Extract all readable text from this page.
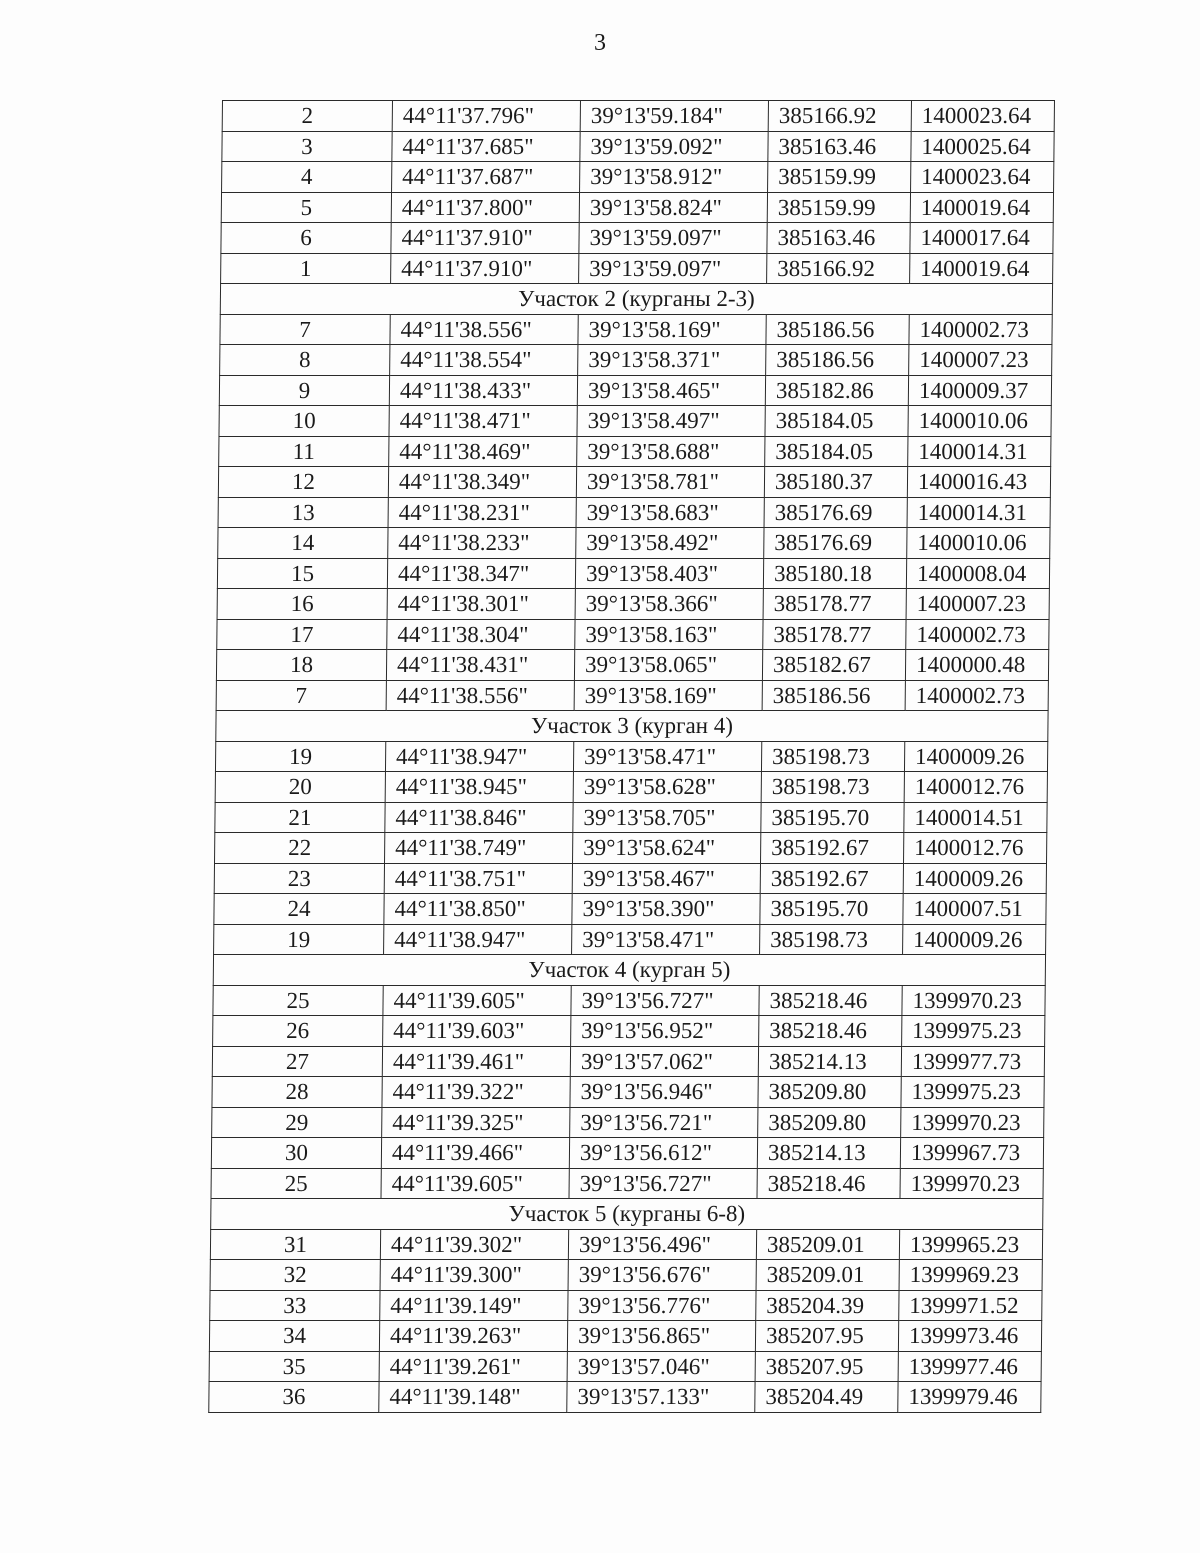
3
2	44°11'37.796"	39°13'59.184"	385166.92	1400023.64
3	44°11'37.685"	39°13'59.092"	385163.46	1400025.64
4	44°11'37.687"	39°13'58.912"	385159.99	1400023.64
5	44°11'37.800"	39°13'58.824"	385159.99	1400019.64
6	44°11'37.910"	39°13'59.097"	385163.46	1400017.64
1	44°11'37.910"	39°13'59.097"	385166.92	1400019.64
Участок 2 (курганы 2-3)				
7	44°11'38.556"	39°13'58.169"	385186.56	1400002.73
8	44°11'38.554"	39°13'58.371"	385186.56	1400007.23
9	44°11'38.433"	39°13'58.465"	385182.86	1400009.37
10	44°11'38.471"	39°13'58.497"	385184.05	1400010.06
11	44°11'38.469"	39°13'58.688"	385184.05	1400014.31
12	44°11'38.349"	39°13'58.781"	385180.37	1400016.43
13	44°11'38.231"	39°13'58.683"	385176.69	1400014.31
14	44°11'38.233"	39°13'58.492"	385176.69	1400010.06
15	44°11'38.347"	39°13'58.403"	385180.18	1400008.04
16	44°11'38.301"	39°13'58.366"	385178.77	1400007.23
17	44°11'38.304"	39°13'58.163"	385178.77	1400002.73
18	44°11'38.431"	39°13'58.065"	385182.67	1400000.48
7	44°11'38.556"	39°13'58.169"	385186.56	1400002.73
Участок 3 (курган 4)				
19	44°11'38.947"	39°13'58.471"	385198.73	1400009.26
20	44°11'38.945"	39°13'58.628"	385198.73	1400012.76
21	44°11'38.846"	39°13'58.705"	385195.70	1400014.51
22	44°11'38.749"	39°13'58.624"	385192.67	1400012.76
23	44°11'38.751"	39°13'58.467"	385192.67	1400009.26
24	44°11'38.850"	39°13'58.390"	385195.70	1400007.51
19	44°11'38.947"	39°13'58.471"	385198.73	1400009.26
Участок 4 (курган 5)				
25	44°11'39.605"	39°13'56.727"	385218.46	1399970.23
26	44°11'39.603"	39°13'56.952"	385218.46	1399975.23
27	44°11'39.461"	39°13'57.062"	385214.13	1399977.73
28	44°11'39.322"	39°13'56.946"	385209.80	1399975.23
29	44°11'39.325"	39°13'56.721"	385209.80	1399970.23
30	44°11'39.466"	39°13'56.612"	385214.13	1399967.73
25	44°11'39.605"	39°13'56.727"	385218.46	1399970.23
Участок 5 (курганы 6-8)				
31	44°11'39.302"	39°13'56.496"	385209.01	1399965.23
32	44°11'39.300"	39°13'56.676"	385209.01	1399969.23
33	44°11'39.149"	39°13'56.776"	385204.39	1399971.52
34	44°11'39.263"	39°13'56.865"	385207.95	1399973.46
35	44°11'39.261"	39°13'57.046"	385207.95	1399977.46
36	44°11'39.148"	39°13'57.133"	385204.49	1399979.46
